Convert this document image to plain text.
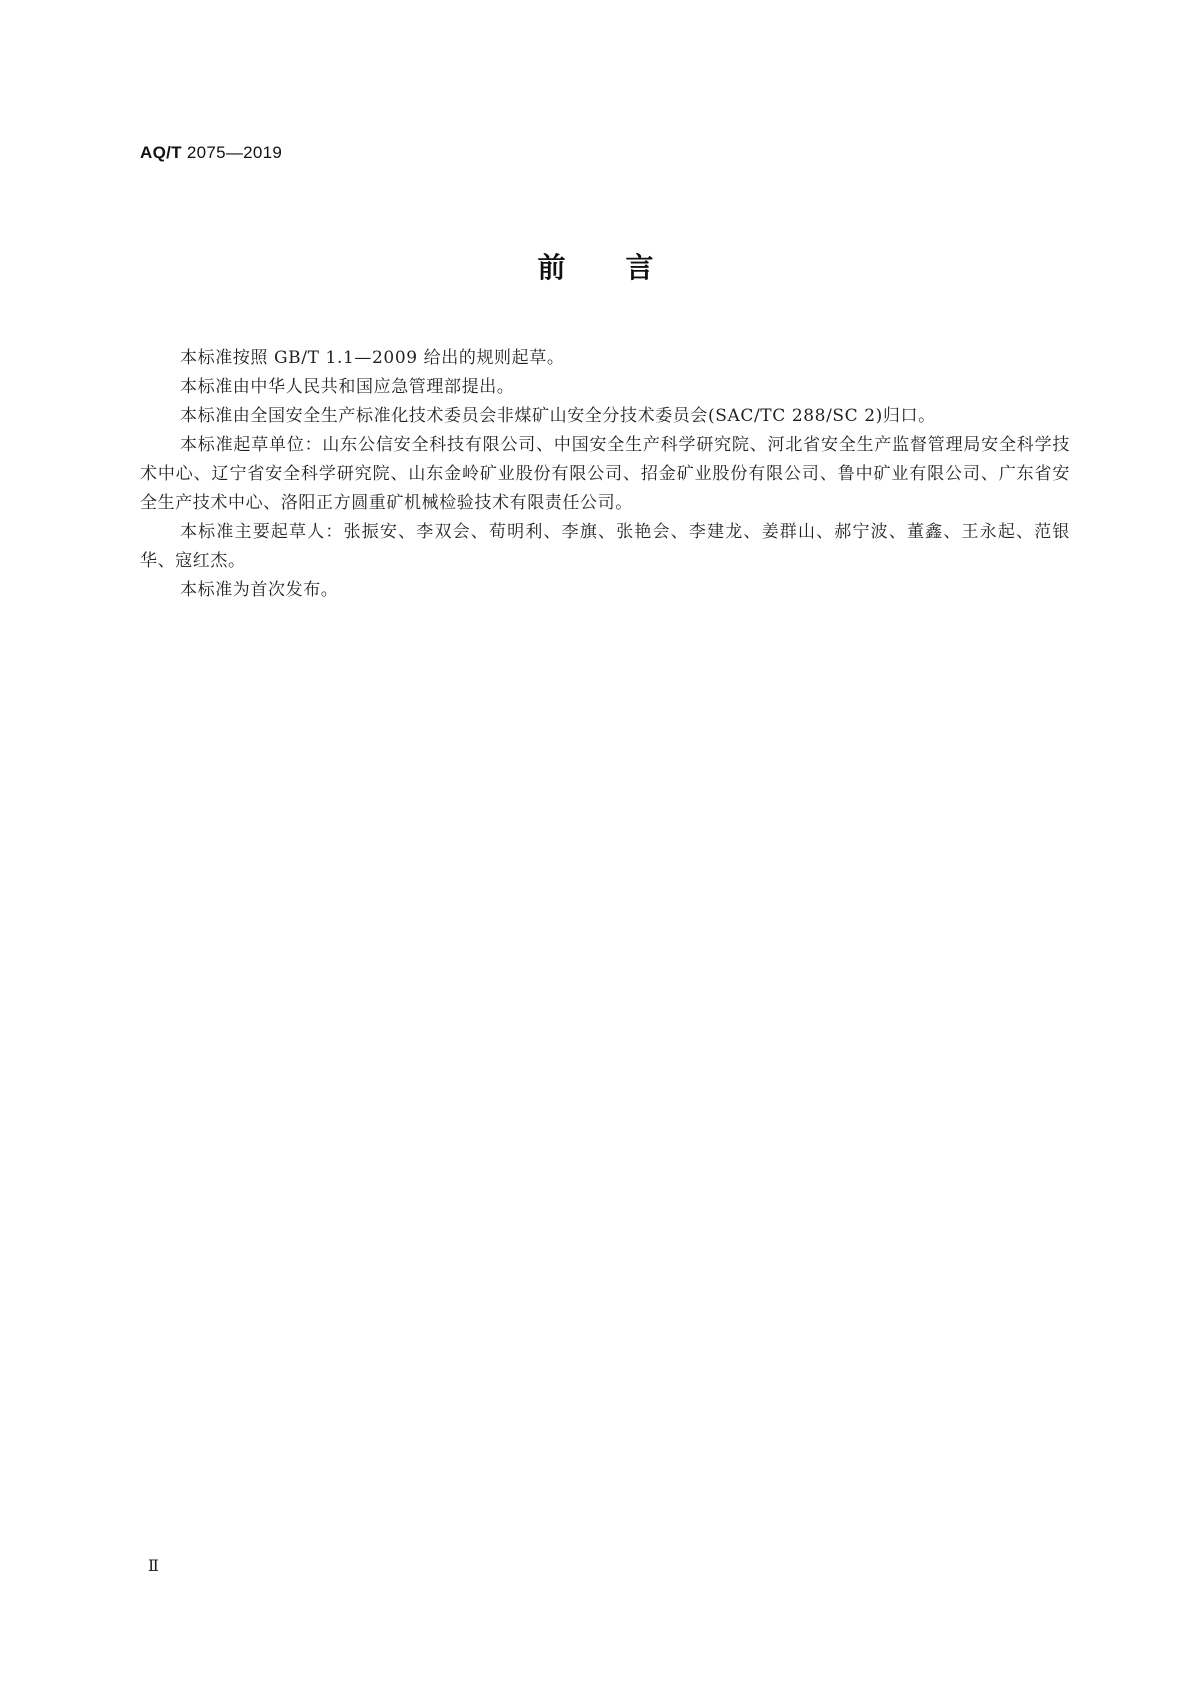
AQ/T 2075—2019
前言

本标准按照 GB/T 1.1—2009 给出的规则起草。

本标准由中华人民共和国应急管理部提出。

本标准由全国安全生产标准化技术委员会非煤矿山安全分技术委员会(SAC/TC 288/SC 2)归口。

本标准起草单位：山东公信安全科技有限公司、中国安全生产科学研究院、河北省安全生产监督管理局安全科学技术中心、辽宁省安全科学研究院、山东金岭矿业股份有限公司、招金矿业股份有限公司、鲁中矿业有限公司、广东省安全生产技术中心、洛阳正方圆重矿机械检验技术有限责任公司。

本标准主要起草人：张振安、李双会、荀明利、李旗、张艳会、李建龙、姜群山、郝宁波、董鑫、王永起、范银华、寇红杰。

本标准为首次发布。

Ⅱ
